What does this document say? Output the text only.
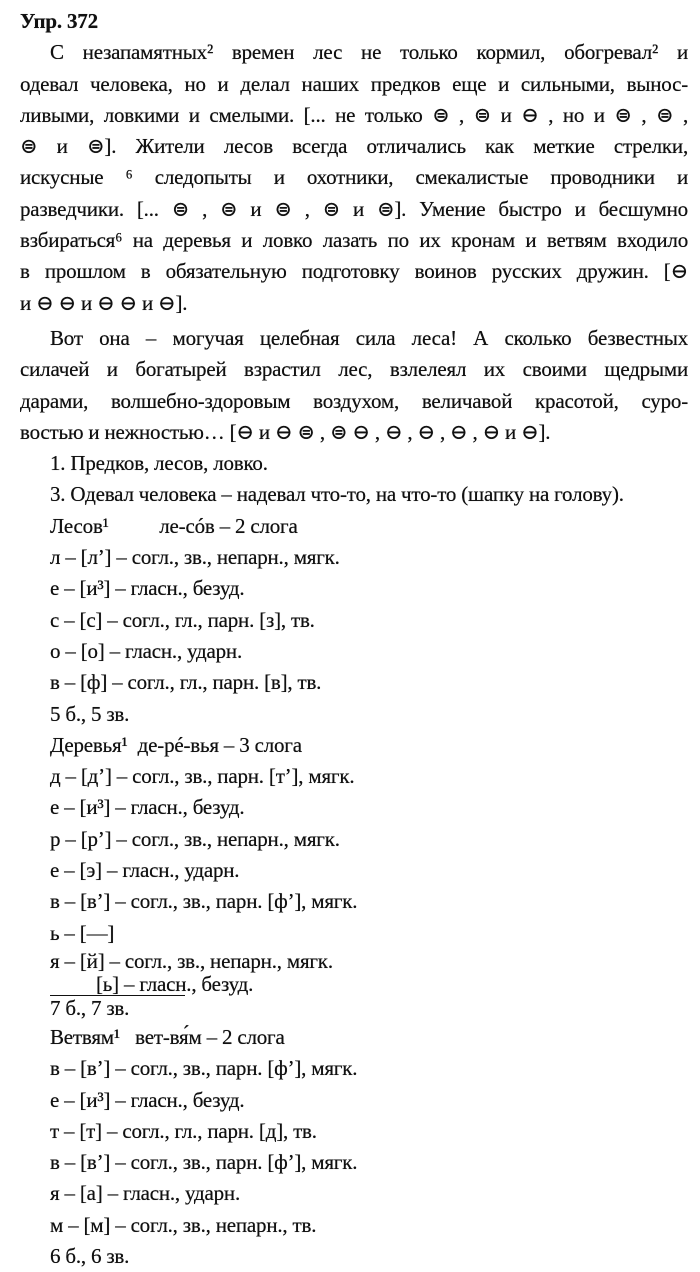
Упр. 372
С незапамятных² времен лес не только кормил, обогревал² и
одевал человека, но и делал наших предков еще и сильными, вынос-
ливыми, ловкими и смелыми. [... не только ⊜ , ⊜ и ⊖ , но и ⊜ , ⊜ ,
⊜ и ⊜]. Жители лесов всегда отличались как меткие стрелки,
искусные ⁶ следопыты и охотники, смекалистые проводники и
разведчики. [... ⊜ , ⊜ и ⊜ , ⊜ и ⊜]. Умение быстро и бесшумно
взбираться⁶ на деревья и ловко лазать по их кронам и ветвям входило
в прошлом в обязательную подготовку воинов русских дружин. [⊖
и ⊖ ⊖ и ⊖ ⊖ и ⊖].
Вот она – могучая целебная сила леса! А сколько безвестных
силачей и богатырей взрастил лес, взлелеял их своими щедрыми
дарами, волшебно-здоровым воздухом, величавой красотой, суро-
востью и нежностью… [⊖ и ⊖ ⊜ , ⊜ ⊖ , ⊖ , ⊖ , ⊖ , ⊖ и ⊖].
1. Предков, лесов, ловко.
3. Одевал человека – надевал что-то, на что-то (шапку на голову).
Лесов¹          ле-сóв – 2 слога
л – [л’] – согл., зв., непарн., мягк.
е – [и³] – гласн., безуд.
с – [с] – согл., гл., парн. [з], тв.
о – [о] – гласн., ударн.
в – [ф] – согл., гл., парн. [в], тв.
5 б., 5 зв.
Деревья¹  де-рé-вья – 3 слога
д – [д’] – согл., зв., парн. [т’], мягк.
е – [и³] – гласн., безуд.
р – [р’] – согл., зв., непарн., мягк.
е – [э] – гласн., ударн.
в – [в’] – согл., зв., парн. [ф’], мягк.
ь – [—]
я – [й] – согл., зв., непарн., мягк.
[ь] – гласн., безуд.
7 б., 7 зв.
Ветвям¹   вет-вя́м – 2 слога
в – [в’] – согл., зв., парн. [ф’], мягк.
е – [и³] – гласн., безуд.
т – [т] – согл., гл., парн. [д], тв.
в – [в’] – согл., зв., парн. [ф’], мягк.
я – [а] – гласн., ударн.
м – [м] – согл., зв., непарн., тв.
6 б., 6 зв.
